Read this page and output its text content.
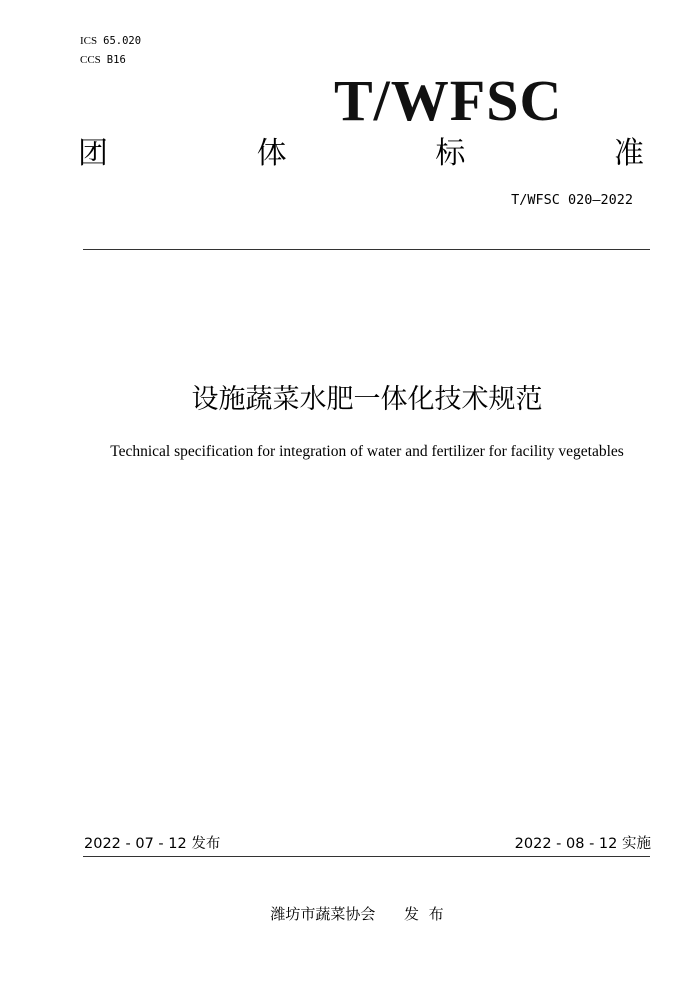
ICS 65.020
CCS B16
T/WFSC
团	体	标	准
T/WFSC 020—2022
设施蔬菜水肥一体化技术规范
Technical specification for integration of water and fertilizer for facility vegetables
2022 - 07 - 12 发布	2022 - 08 - 12 实施
潍坊市蔬菜协会      发  布
